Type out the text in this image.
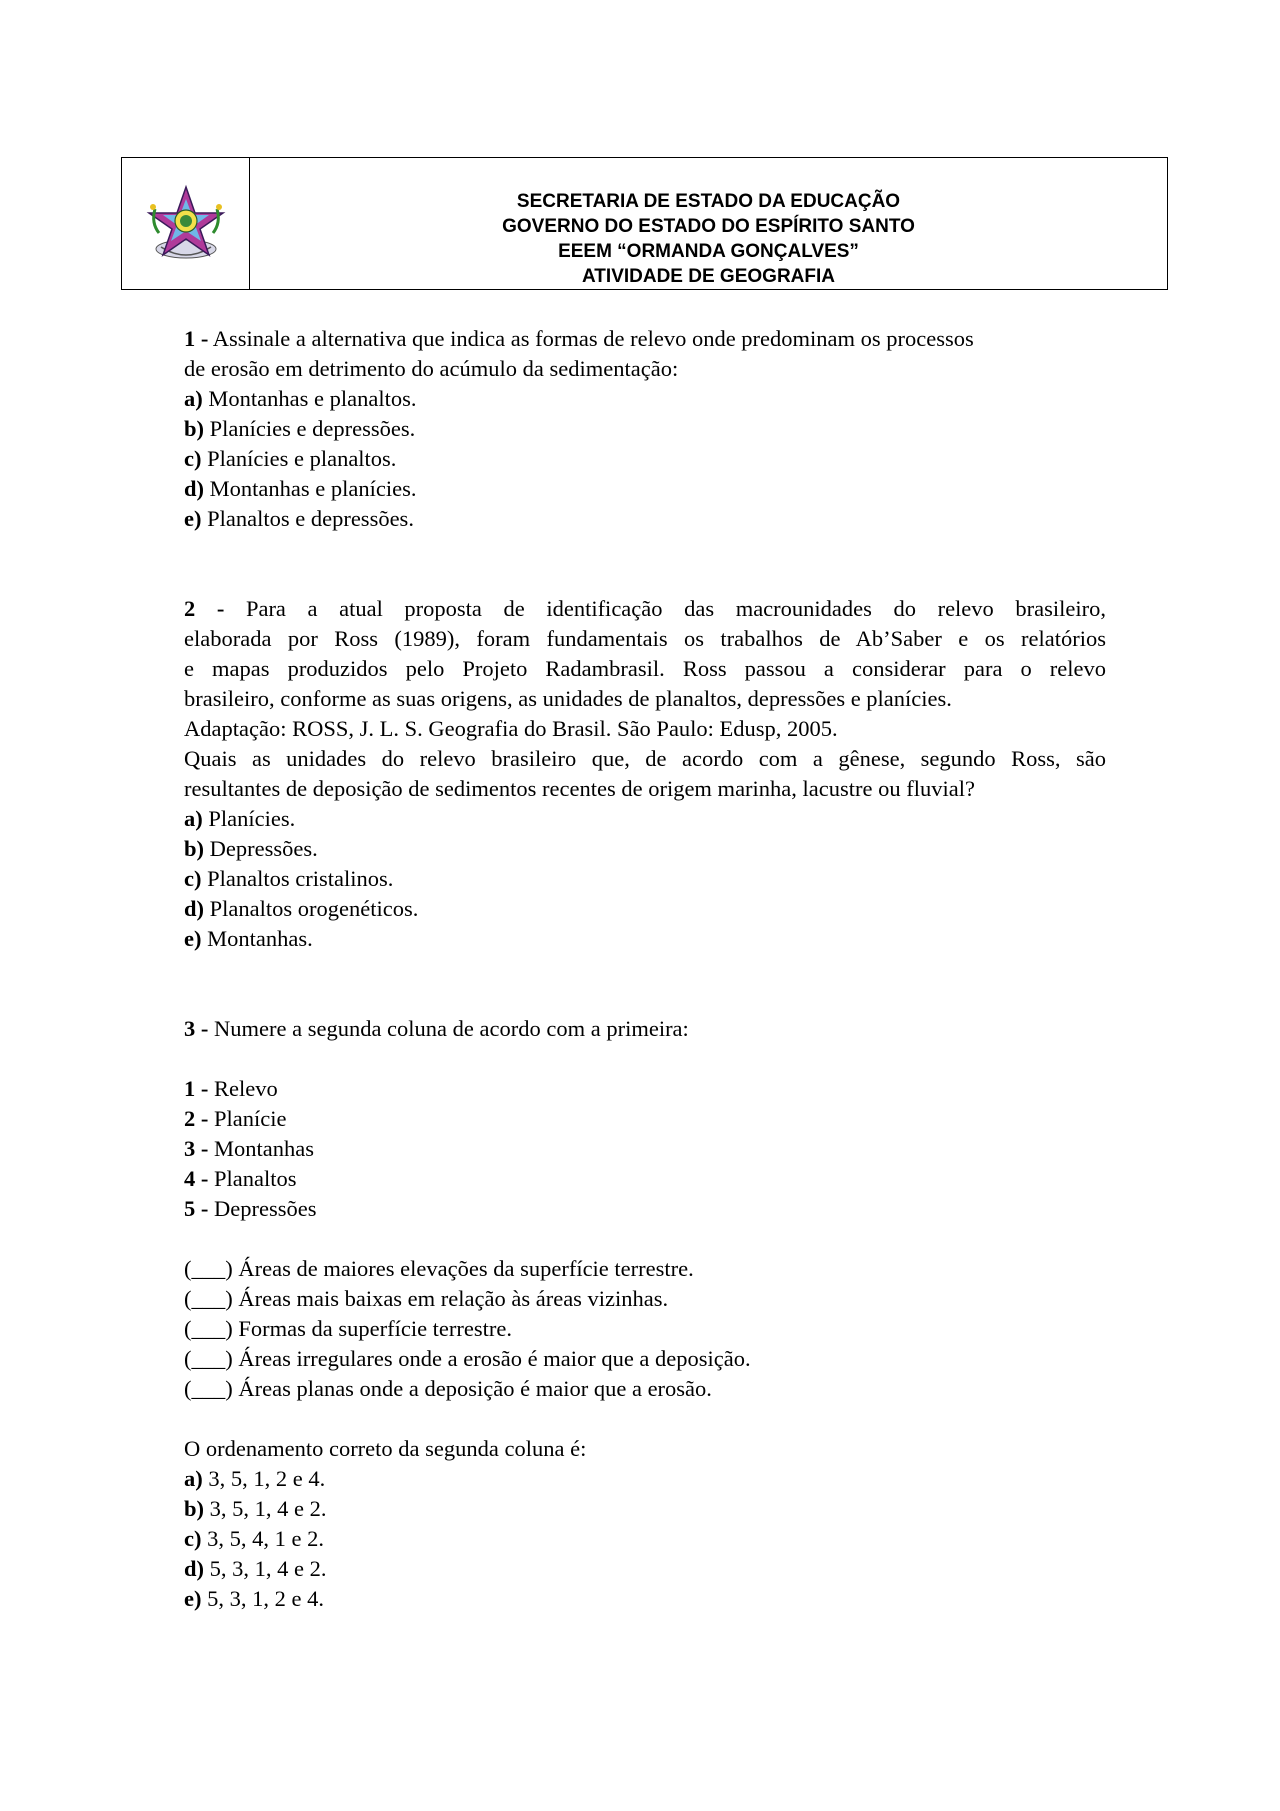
SECRETARIA DE ESTADO DA EDUCAÇÃO
GOVERNO DO ESTADO DO ESPÍRITO SANTO
EEEM “ORMANDA GONÇALVES”
ATIVIDADE DE GEOGRAFIA
1 - Assinale a alternativa que indica as formas de relevo onde predominam os processos
de erosão em detrimento do acúmulo da sedimentação:
a) Montanhas e planaltos.
b) Planícies e depressões.
c) Planícies e planaltos.
d) Montanhas e planícies.
e) Planaltos e depressões.
2 - Para a atual proposta de identificação das macrounidades do relevo brasileiro,
elaborada por Ross (1989), foram fundamentais os trabalhos de Ab’Saber e os relatórios
e mapas produzidos pelo Projeto Radambrasil. Ross passou a considerar para o relevo
brasileiro, conforme as suas origens, as unidades de planaltos, depressões e planícies.
Adaptação: ROSS, J. L. S. Geografia do Brasil. São Paulo: Edusp, 2005.
Quais as unidades do relevo brasileiro que, de acordo com a gênese, segundo Ross, são
resultantes de deposição de sedimentos recentes de origem marinha, lacustre ou fluvial?
a) Planícies.
b) Depressões.
c) Planaltos cristalinos.
d) Planaltos orogenéticos.
e) Montanhas.
3 - Numere a segunda coluna de acordo com a primeira:
1 - Relevo
2 - Planície
3 - Montanhas
4 - Planaltos
5 - Depressões
(___) Áreas de maiores elevações da superfície terrestre.
(___) Áreas mais baixas em relação às áreas vizinhas.
(___) Formas da superfície terrestre.
(___) Áreas irregulares onde a erosão é maior que a deposição.
(___) Áreas planas onde a deposição é maior que a erosão.
O ordenamento correto da segunda coluna é:
a) 3, 5, 1, 2 e 4.
b) 3, 5, 1, 4 e 2.
c) 3, 5, 4, 1 e 2.
d) 5, 3, 1, 4 e 2.
e) 5, 3, 1, 2 e 4.
